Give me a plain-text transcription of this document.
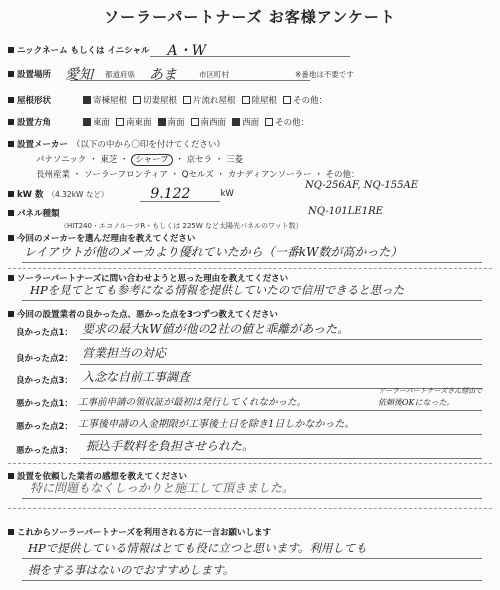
ソーラーパートナーズ お客様アンケート
ニックネーム もしくは イニシャル A・W
設置場所 愛知 都道府県 あま	市区町村	※番地は不要です
屋根形状	寄棟屋根 切妻屋根 片流れ屋根 陸屋根 その他：
設置方角	東面 南東面 南面 南西面 西面 その他：
設置メーカー （以下の中から〇印を付けてください）
パナソニック ・ 東芝 ・ シャープ ・ 京セラ ・ 三菱
長州産業 ・ ソーラーフロンティア ・ Qセルズ ・ カナディアンソーラー ・ その他：
kW 数 （4.32kW など）	9.122	kW
NQ-256AF, NQ-155AE
パネル種類
（HIT240・エコノルーツR・もしくは 225W など太陽光パネルのワット数）
NQ-101LE1RE
今回のメーカーを選んだ理由を教えてください
レイアウトが他のメーカより優れていたから（一番kW数が高かった）
ソーラーパートナーズに問い合わせようと思った理由を教えてください
HPを見てとても参考になる情報を提供していたので信用できると思った
今回の設置業者の良かった点、悪かった点を3つずつ教えてください
良かった点1： 要求の最大kW値が他の2社の値と乖離があった。
良かった点2： 営業担当の対応
良かった点3： 入念な自前工事調査
悪かった点1： 工事前申請の領収証が最初は発行してくれなかった。
ソーラーパートナーズさん経由で
依頼後OKになった。
悪かった点2： 工事後申請の入金期限が工事後土日を除き1日しかなかった。
悪かった点3： 振込手数料を負担させられた。
設置を依頼した業者の感想を教えてください
特に問題もなくしっかりと施工して頂きました。
これからソーラーパートナーズを利用される方に一言お願いします
HPで提供している情報はとても役に立つと思います。利用しても
損をする事はないのでおすすめします。
